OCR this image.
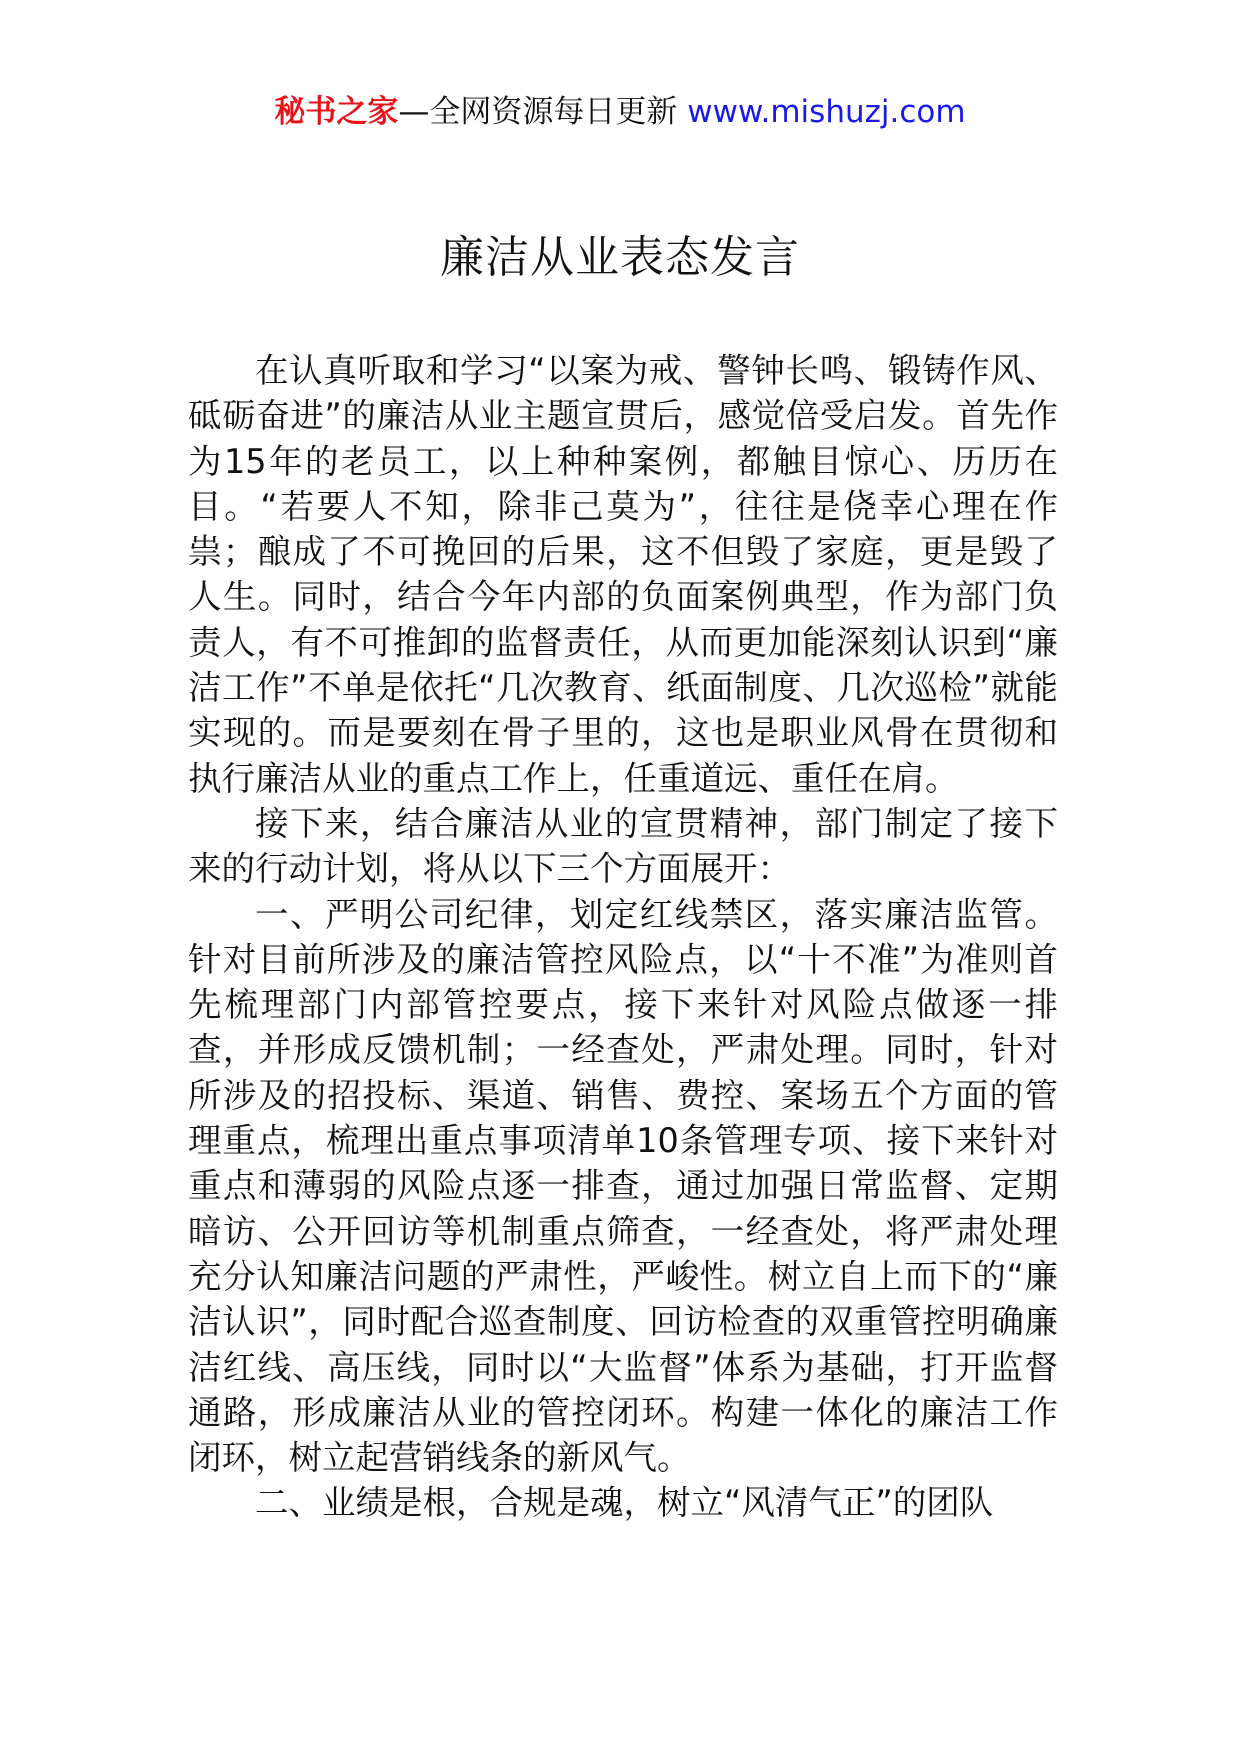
秘书之家—全网资源每日更新 www.mishuzj.com
廉洁从业表态发言

在认真听取和学习“以案为戒、警钟长鸣、锻铸作风、砥砺奋进”的廉洁从业主题宣贯后，感觉倍受启发。首先作为15年的老员工，以上种种案例，都触目惊心、历历在目。“若要人不知，除非己莫为”，往往是侥幸心理在作祟；酿成了不可挽回的后果，这不但毁了家庭，更是毁了人生。同时，结合今年内部的负面案例典型，作为部门负责人，有不可推卸的监督责任，从而更加能深刻认识到“廉洁工作”不单是依托“几次教育、纸面制度、几次巡检”就能实现的。而是要刻在骨子里的，这也是职业风骨在贯彻和执行廉洁从业的重点工作上，任重道远、重任在肩。

接下来，结合廉洁从业的宣贯精神，部门制定了接下来的行动计划，将从以下三个方面展开：

一、严明公司纪律，划定红线禁区，落实廉洁监管。针对目前所涉及的廉洁管控风险点，以“十不准”为准则首先梳理部门内部管控要点，接下来针对风险点做逐一排查，并形成反馈机制；一经查处，严肃处理。同时，针对所涉及的招投标、渠道、销售、费控、案场五个方面的管理重点，梳理出重点事项清单10条管理专项、接下来针对重点和薄弱的风险点逐一排查，通过加强日常监督、定期暗访、公开回访等机制重点筛查，一经查处，将严肃处理充分认知廉洁问题的严肃性，严峻性。树立自上而下的“廉洁认识”，同时配合巡查制度、回访检查的双重管控明确廉洁红线、高压线，同时以“大监督”体系为基础，打开监督通路，形成廉洁从业的管控闭环。构建一体化的廉洁工作闭环，树立起营销线条的新风气。

二、业绩是根，合规是魂，树立“风清气正”的团队
